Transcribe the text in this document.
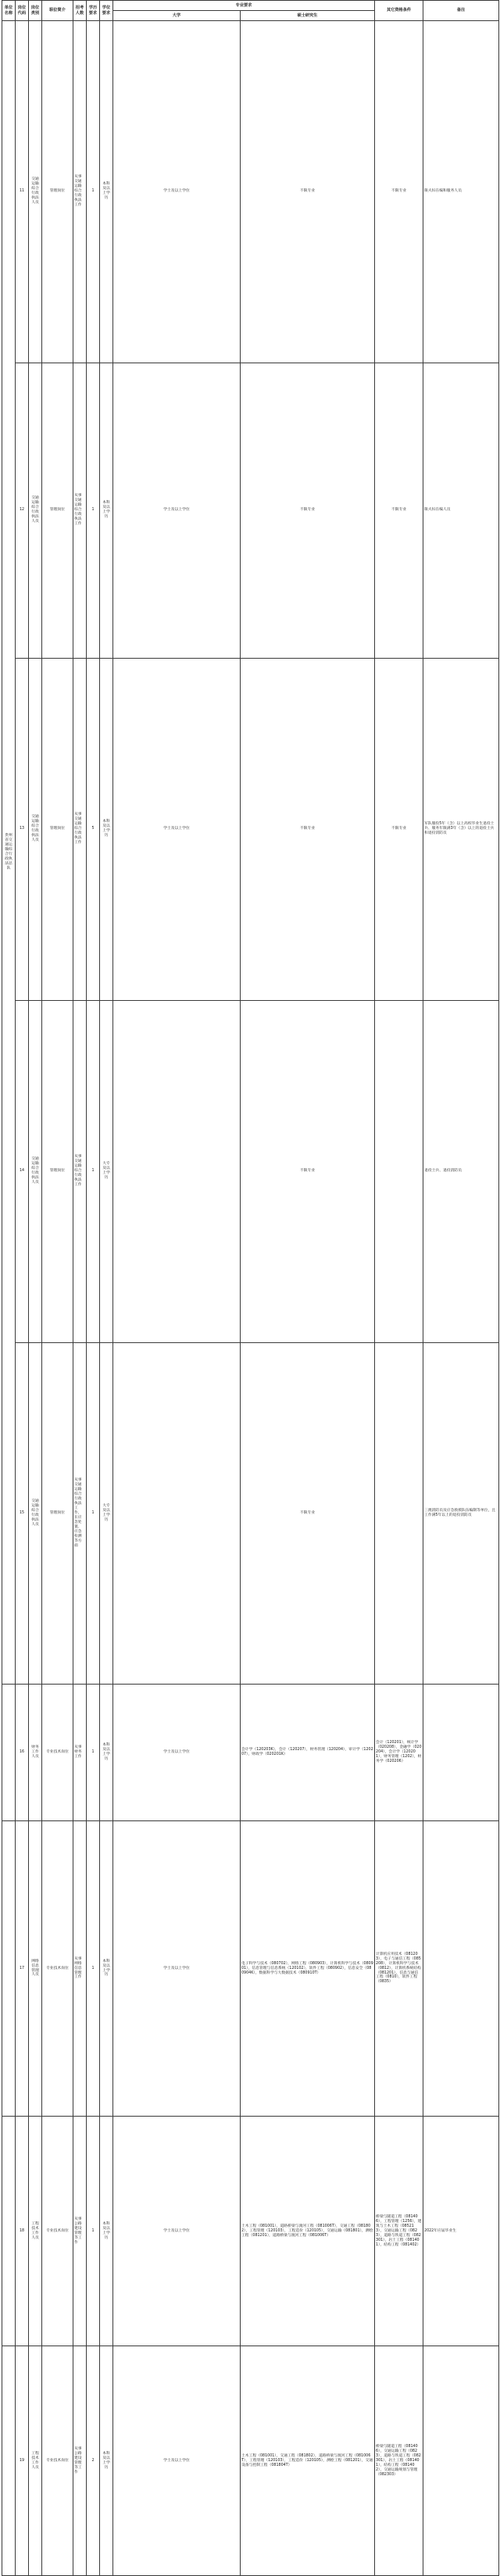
单位名称	岗位代码	岗位类别	职位简介	招考人数	学历要求	学位要求	专业要求		其它资格条件	备注	
							大学	硕士研究生			
贵州省交通运输综合行政执法总队	11	交通运输综合行政执法人员	管理岗位	从事交通运输综合行政执法工作	1	本科及以上学历	学士及以上学位	不限专业	不限专业	限夫妇在编和服务人员	
	12	交通运输综合行政执法人员	管理岗位	从事交通运输综合行政执法工作	1	本科及以上学历	学士及以上学位	不限专业	不限专业	限夫妇在编人员	
	13	交通运输综合行政执法人员	管理岗位	从事交通运输综合行政执法工作	5	本科及以上学历	学士及以上学位	不限专业	不限专业	军队服役5年（含）以上高校毕业生退役士兵、服务年限满3年（含）以上的退役士兵和退役消防员	
	14	交通运输综合行政执法人员	管理岗位	从事交通运输综合行政执法工作	1	大专及以上学历		不限专业		退役士兵、退役消防员	
	15	交通运输综合行政执法人员	管理岗位	从事交通运输综合行政执法工作，在应急处置、应急检测等方面	1	大专及以上学历		不限专业		三澳消防员及应急救援队伍编制等单位，且工作满5年以上的退役消防员	
	16	财务工作人员	专业技术岗位	从事财务工作	1	本科及以上学历	学士及以上学位	会计学（120203K），会计（120207），财务管理（120204），审计学（120207），财政学（020201K）	会计（120201），统计学（020208），金融学（020204），会计学（120201），财务管理（1202），财务学（020206）		
	17	网络信息管理人员	专业技术岗位	从事网络信息管理工作	1	本科及以上学历	学士及以上学位	电子科学与技术（080702），网络工程（080903），计算机科学与技术（080901），信息管理与信息系统（120102），软件工程（080902），信息安全（080904K），数据科学与大数据技术（080910T）	计算机应用技术（081203），电子与通信工程（085208），计算机科学与技术（0812），计算机系统结构（081201），信息与通信工程（0810），软件工程（0835）		
	18	工程技术工作人员	专业技术岗位	从事公路建设管理等工作	1	本科及以上学历	学士及以上学位	土木工程（081001），道路桥梁与渡河工程（081006T），交通工程（081802），工程管理（120103），工程造价（120105），交通运输（081801），测绘工程（081201），道路桥梁与渡河工程（081006T）	桥梁与隧道工程（081406），工程管理（1256），建筑与土木工程（085213），交通运输工程（0823），道路与铁道工程（082301），岩土工程（081401），结构工程（081402）	2022年应届毕业生	
	19	工程技术工作人员	专业技术岗位	从事公路建设管理等工作	2	本科及以上学历	学士及以上学位	土木工程（081001），交通工程（081802），道路桥梁与渡河工程（081006T），工程管理（120103），工程造价（120105），测绘工程（081201），交通设备与控制工程（081804T）	桥梁与隧道工程（081406），交通运输工程（0823），道路与铁道工程（082301），岩土工程（081401），结构工程（081402），交通运输规划与管理（082303）		
